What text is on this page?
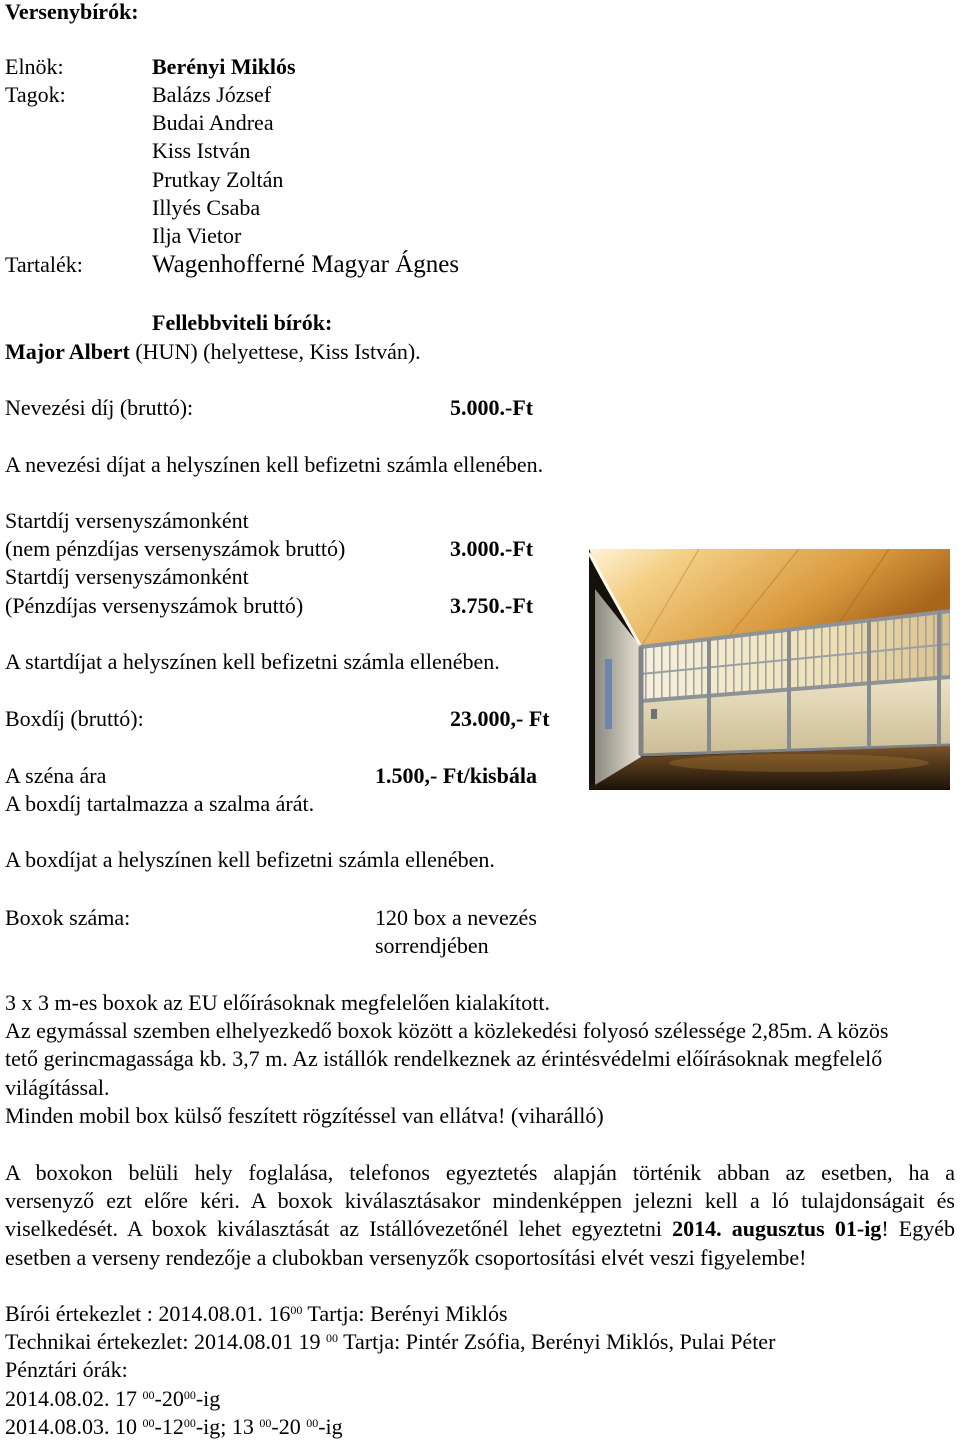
Versenybírók:
Elnök:	Berényi Miklós
Tagok:	Balázs József
Budai Andrea
Kiss István
Prutkay Zoltán
Illyés Csaba
Ilja Vietor
Tartalék:	Wagenhofferné Magyar Ágnes
Fellebbviteli bírók:
Major Albert (HUN) (helyettese, Kiss István).
Nevezési díj (bruttó):	5.000.-Ft
A nevezési díjat a helyszínen kell befizetni számla ellenében.
Startdíj versenyszámonként
(nem pénzdíjas versenyszámok bruttó)	3.000.-Ft
Startdíj versenyszámonként
(Pénzdíjas versenyszámok bruttó)	3.750.-Ft
A startdíjat a helyszínen kell befizetni számla ellenében.
Boxdíj (bruttó):	23.000,- Ft
A széna ára	1.500,- Ft/kisbála
A boxdíj tartalmazza a szalma árát.
A boxdíjat a helyszínen kell befizetni számla ellenében.
Boxok száma:	120 box a nevezés
sorrendjében
3 x 3 m-es boxok az EU előírásoknak megfelelően kialakított.
Az egymással szemben elhelyezkedő boxok között a közlekedési folyosó szélessége 2,85m. A közös
tető gerincmagassága kb. 3,7 m. Az istállók rendelkeznek az érintésvédelmi előírásoknak megfelelő
világítással.
Minden mobil box külső feszített rögzítéssel van ellátva! (viharálló)
A boxokon belüli hely foglalása, telefonos egyeztetés alapján történik abban az esetben, ha a
versenyző ezt előre kéri. A boxok kiválasztásakor mindenképpen jelezni kell a ló tulajdonságait és
viselkedését. A boxok kiválasztását az Istállóvezetőnél lehet egyeztetni 2014. augusztus 01-ig! Egyéb
esetben a verseny rendezője a clubokban versenyzők csoportosítási elvét veszi figyelembe!
Bírói értekezlet : 2014.08.01. $16^{00}$ Tartja: Berényi Miklós
Technikai értekezlet: 2014.08.01 19 $^{00}$ Tartja: Pintér Zsófia, Berényi Miklós, Pulai Péter
Pénztári órák:
2014.08.02. 17 $^{00}-20^{00}-ig$
2014.08.03. 10 $^{00}-12^{00}-ig$; 13 $^{00}$-20 $^{00}$-ig
